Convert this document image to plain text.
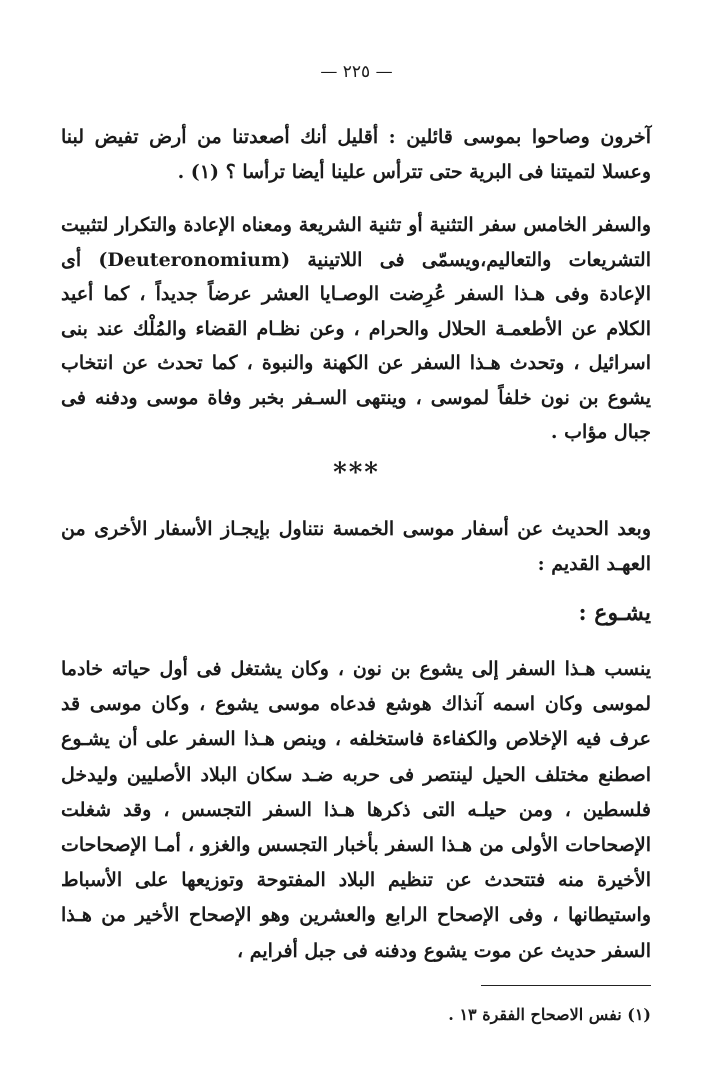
— ٢٢٥ —
آخرون وصاحوا بموسى قائلين : أقليل أنك أصعدتنا من أرض تفيض لبنا وعسلا لتميتنا فى البرية حتى تترأس علينا أيضا ترأسا ؟ (١) .
والسفر الخامس سفر التثنية أو تثنية الشريعة ومعناه الإعادة والتكرار لتثبيت التشريعات والتعاليم،ويسمّى فى اللاتينية (Deuteronomium) أى الإعادة وفى هـذا السفر عُرِضت الوصـايا العشر عرضاً جديداً ، كما أعيد الكلام عن الأطعمـة الحلال والحرام ، وعن نظـام القضاء والمُلْك عند بنى اسرائيل ، وتحدث هـذا السفر عن الكهنة والنبوة ، كما تحدث عن انتخاب يشوع بن نون خلفاً لموسى ، وينتهى السـفر بخبر وفاة موسى ودفنه فى جبال مؤاب .
***
وبعد الحديث عن أسفار موسى الخمسة نتناول بإيجـاز الأسفار الأخرى من العهـد القديم :
يشـوع :
ينسب هـذا السفر إلى يشوع بن نون ، وكان يشتغل فى أول حياته خادما لموسى وكان اسمه آنذاك هوشع فدعاه موسى يشوع ، وكان موسى قد عرف فيه الإخلاص والكفاءة فاستخلفه ، وينص هـذا السفر على أن يشـوع اصطنع مختلف الحيل لينتصر فى حربه ضـد سكان البلاد الأصليين وليدخل فلسطين ، ومن حيلـه التى ذكرها هـذا السفر التجسس ، وقد شغلت الإصحاحات الأولى من هـذا السفر بأخبار التجسس والغزو ، أمـا الإصحاحات الأخيرة منه فتتحدث عن تنظيم البلاد المفتوحة وتوزيعها على الأسباط واستيطانها ، وفى الإصحاح الرابع والعشرين وهو الإصحاح الأخير من هـذا السفر حديث عن موت يشوع ودفنه فى جبل أفرايم ،
(١) نفس الاصحاح الفقرة ١٣ .
